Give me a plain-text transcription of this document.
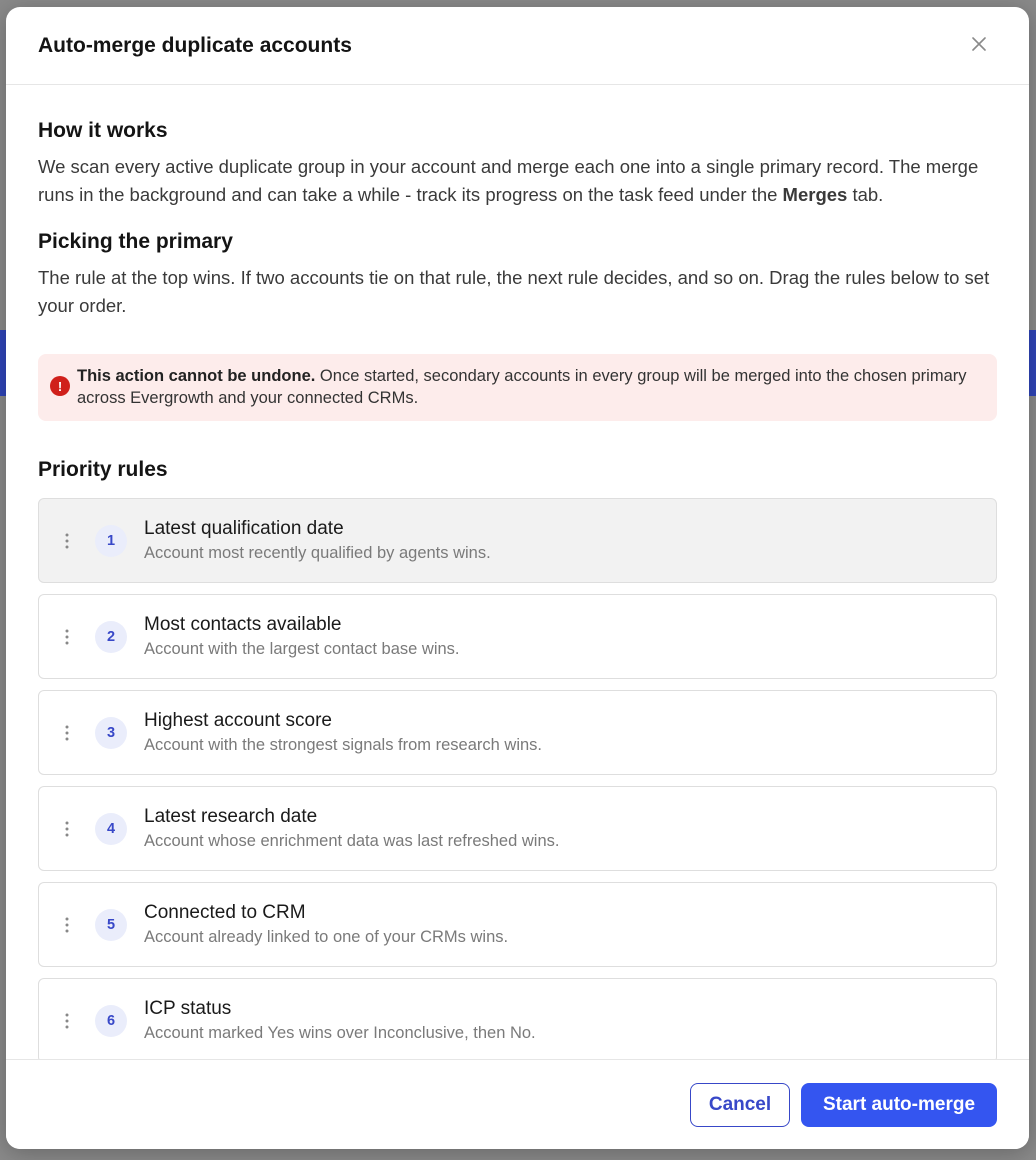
Auto-merge duplicate accounts
How it works

We scan every active duplicate group in your account and merge each one into a single primary record. The merge runs in the background and can take a while - track its progress on the task feed under the Merges tab.

Picking the primary

The rule at the top wins. If two accounts tie on that rule, the next rule decides, and so on. Drag the rules below to set your order.

!
This action cannot be undone. Once started, secondary accounts in every group will be merged into the chosen primary across Evergrowth and your connected CRMs.
Priority rules
1
Latest qualification date
Account most recently qualified by agents wins.
2
Most contacts available
Account with the largest contact base wins.
3
Highest account score
Account with the strongest signals from research wins.
4
Latest research date
Account whose enrichment data was last refreshed wins.
5
Connected to CRM
Account already linked to one of your CRMs wins.
6
ICP status
Account marked Yes wins over Inconclusive, then No.
Cancel	Start auto-merge
